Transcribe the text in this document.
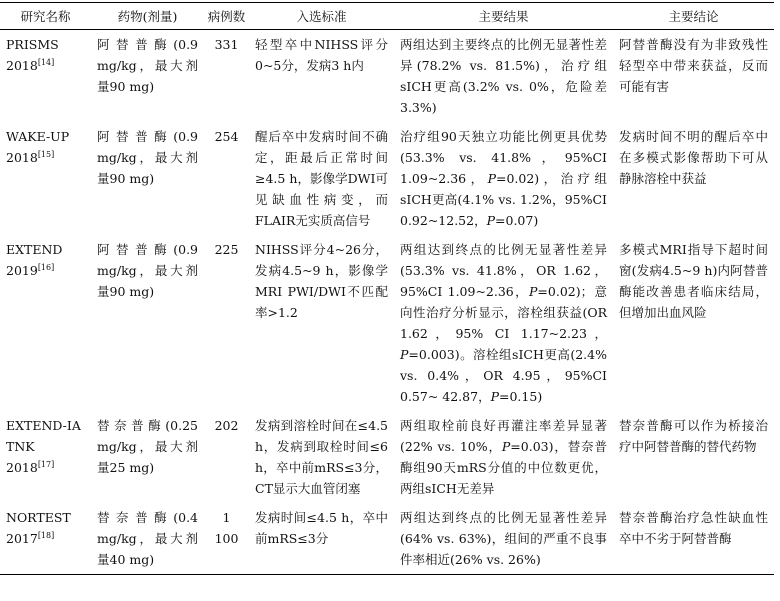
研究名称	药物(剂量)	病例数	入选标准	主要结果	主要结论
PRISMS 2018[14]	阿替普酶(0.9 mg/kg，最大剂量90 mg)	331	轻型卒中NIHSS评分0~5分，发病3 h内	两组达到主要终点的比例无显著性差异(78.2% vs. 81.5%)，治疗组sICH更高(3.2% vs. 0%，危险差3.3%)	阿替普酶没有为非致残性轻型卒中带来获益，反而可能有害
WAKE-UP 2018[15]	阿替普酶(0.9 mg/kg，最大剂量90 mg)	254	醒后卒中发病时间不确定，距最后正常时间≥4.5 h，影像学DWI可见缺血性病变，而FLAIR无实质高信号	治疗组90天独立功能比例更具优势(53.3% vs. 41.8%，95%CI 1.09~2.36，P=0.02)，治疗组sICH更高(4.1% vs. 1.2%，95%CI 0.92~12.52，P=0.07)	发病时间不明的醒后卒中在多模式影像帮助下可从静脉溶栓中获益
EXTEND 2019[16]	阿替普酶(0.9 mg/kg，最大剂量90 mg)	225	NIHSS评分4~26分，发病4.5~9 h，影像学MRI PWI/DWI不匹配率>1.2	两组达到终点的比例无显著性差异(53.3% vs. 41.8%，OR 1.62，95%CI 1.09~2.36，P=0.02)；意向性治疗分析显示，溶栓组获益(OR 1.62，95% CI 1.17~2.23，P=0.003)。溶栓组sICH更高(2.4% vs. 0.4%，OR 4.95，95%CI 0.57~ 42.87，P=0.15)	多模式MRI指导下超时间窗(发病4.5~9 h)内阿替普酶能改善患者临床结局，但增加出血风险
EXTEND-IA TNK 2018[17]	替奈普酶(0.25 mg/kg，最大剂量25 mg)	202	发病到溶栓时间在≤4.5 h，发病到取栓时间≤6 h，卒中前mRS≤3分，CT显示大血管闭塞	两组取栓前良好再灌注率差异显著(22% vs. 10%，P=0.03)，替奈普酶组90天mRS分值的中位数更优，两组sICH无差异	替奈普酶可以作为桥接治疗中阿替普酶的替代药物
NORTEST 2017[18]	替奈普酶(0.4 mg/kg，最大剂量40 mg)	1 100	发病时间≤4.5 h，卒中前mRS≤3分	两组达到终点的比例无显著性差异(64% vs. 63%)，组间的严重不良事件率相近(26% vs. 26%)	替奈普酶治疗急性缺血性卒中不劣于阿替普酶
